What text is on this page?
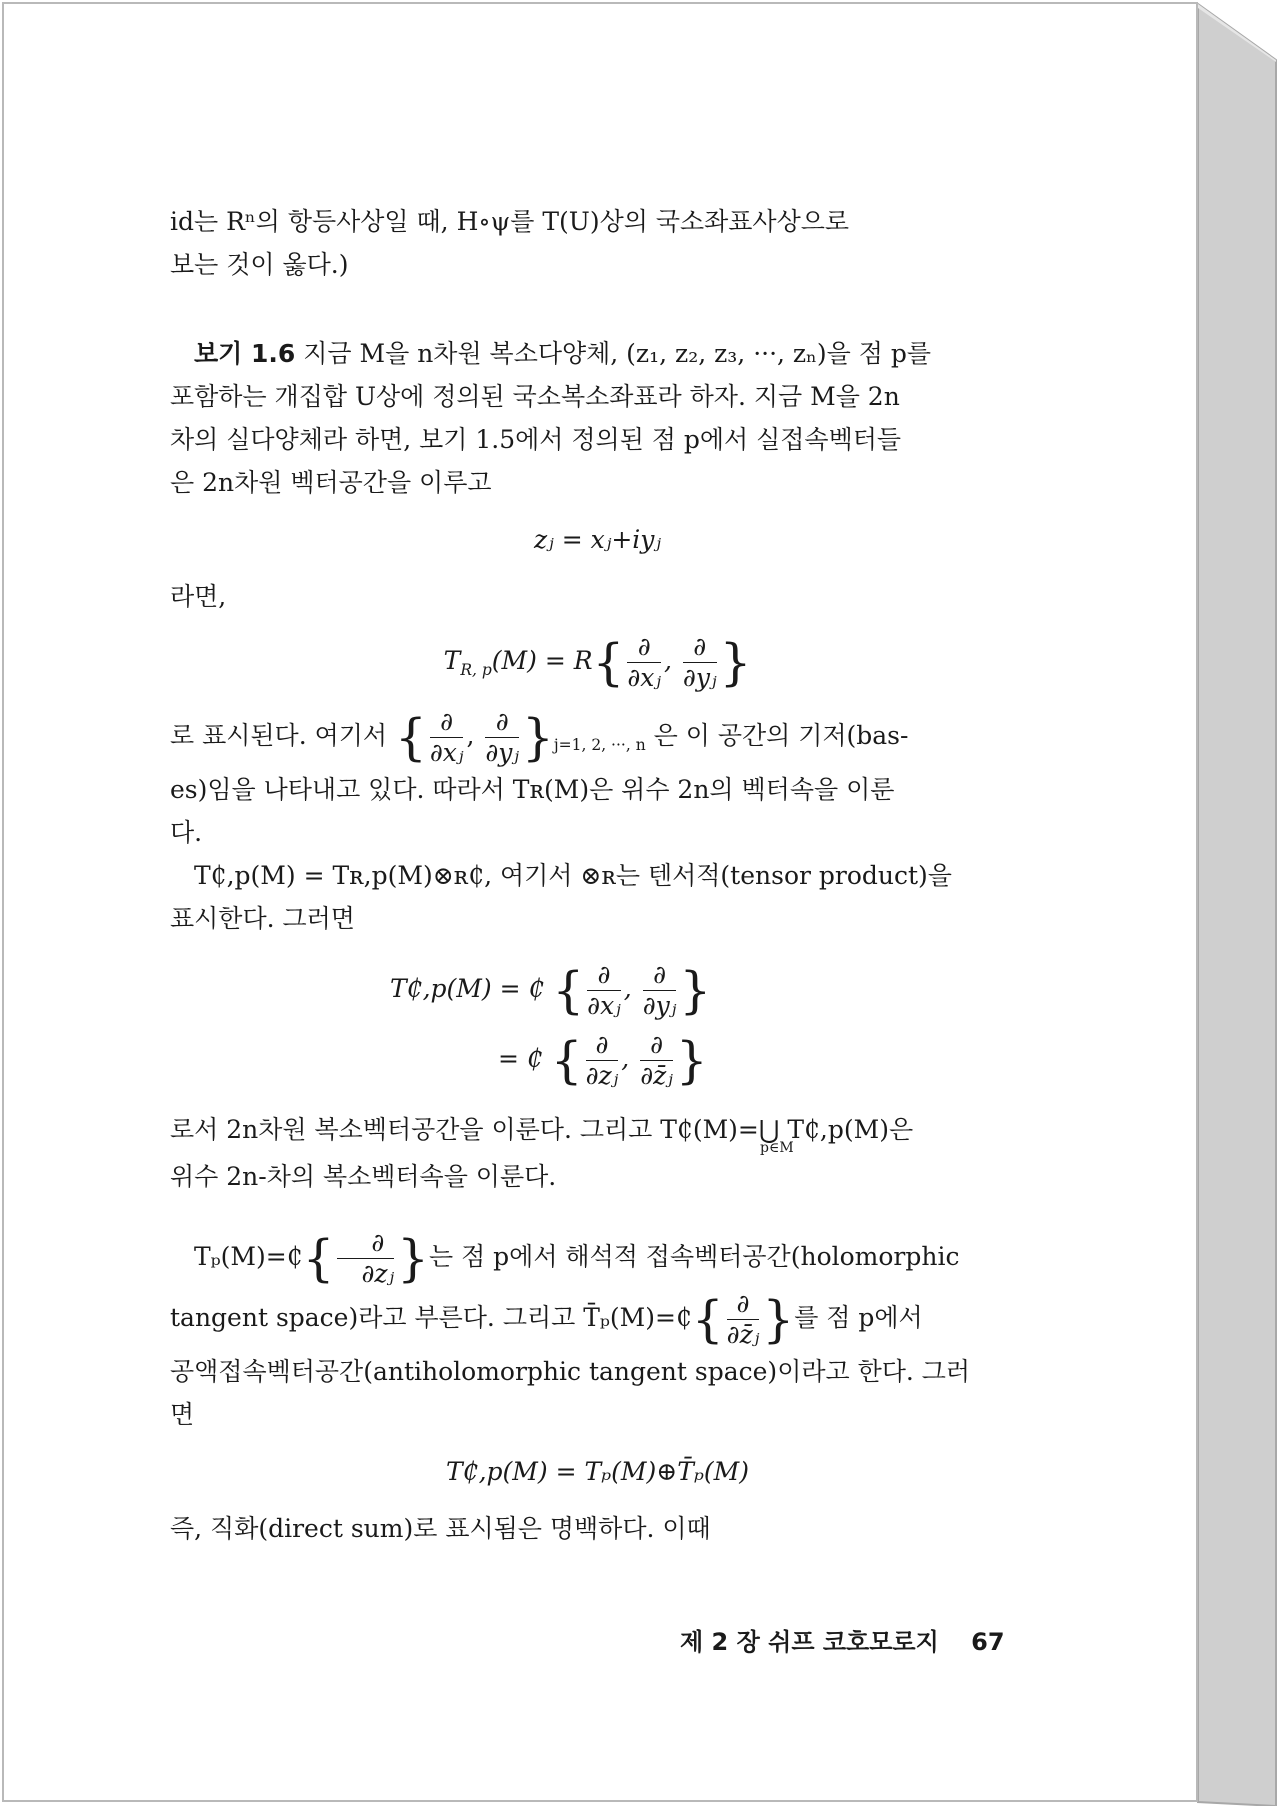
id는 Rⁿ의 항등사상일 때, H∘ψ를 T(U)상의 국소좌표사상으로

보는 것이 옳다.)

보기 1.6 지금 M을 n차원 복소다양체, (z₁, z₂, z₃, ···, zₙ)을 점 p를

포함하는 개집합 U상에 정의된 국소복소좌표라 하자. 지금 M을 2n

차의 실다양체라 하면, 보기 1.5에서 정의된 점 p에서 실접속벡터들

은 2n차원 벡터공간을 이루고

zⱼ = xⱼ+iyⱼ

라면,

$T_{R, p}(M) = R\{ \frac{\partial}{\text{∂xⱼ}}$ , $\frac{\partial}{\text{∂yⱼ}}$ }

로 표시된다. 여기서 { $\frac{\partial}{\text{∂xⱼ}}$ , $\frac{\partial}{\text{∂yⱼ}} \}_{j=1, 2, \cdot\cdot\cdot, n}$ 은 이 공간의 기저(bas-

es)임을 나타내고 있다. 따라서 Tʀ(M)은 위수 2n의 벡터속을 이룬

다.

T₵,p(M) = Tʀ,p(M)⊗ʀ₵, 여기서 ⊗ʀ는 텐서적(tensor product)을

표시한다. 그러면

T₵,p(M) = ₵ { $\frac{\partial}{\text{∂xⱼ}}$ , $\frac{\partial}{\text{∂yⱼ}}$ }
= ₵ { $\frac{\partial}{\text{∂zⱼ}}$ , $\frac{\partial}{\text{∂z̄ⱼ}}$ }

로서 2n차원 복소벡터공간을 이룬다. 그리고 T₵(M)=⋃ T₵,p(M)은

p∈M

위수 2n-차의 복소벡터속을 이룬다.

Tₚ(M)=₵{ $\frac{\partial}{\text{∂zⱼ}}$ }는 점 p에서 해석적 접속벡터공간(holomorphic

tangent space)라고 부른다. 그리고 T̄ₚ(M)=₵{ $\frac{\partial}{\text{∂z̄ⱼ}}$ }를 점 p에서

공액접속벡터공간(antiholomorphic tangent space)이라고 한다. 그러

면

T₵,p(M) = Tₚ(M)⊕T̄ₚ(M)

즉, 직화(direct sum)로 표시됨은 명백하다. 이때

제 2 장 쉬프 코호모로지 67
